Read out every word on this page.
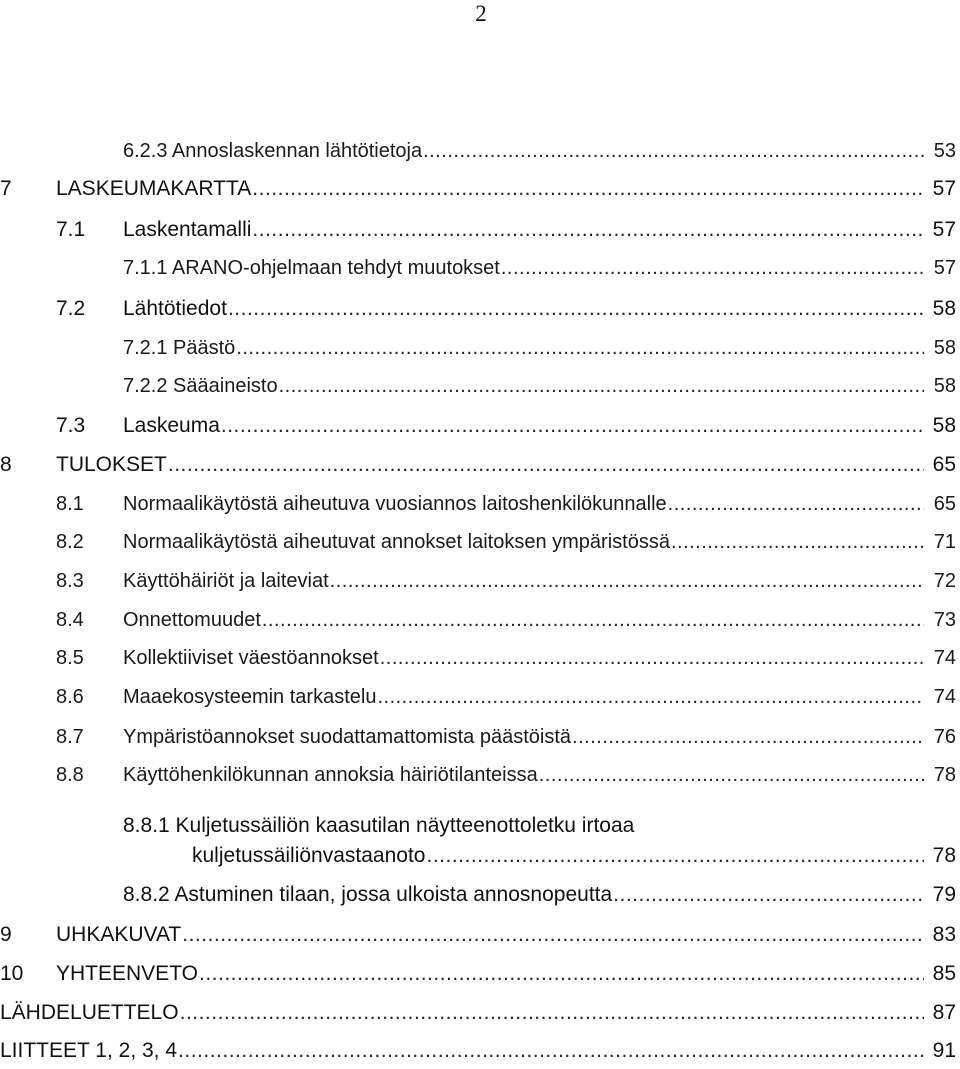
2
6.2.3 Annoslaskennan lähtötietoja .....	53
7	LASKEUMAKARTTA .....	57
7.1	Laskentamalli .....	57
7.1.1 ARANO-ohjelmaan tehdyt muutokset .....	57
7.2	Lähtötiedot .....	58
7.2.1 Päästö .....	58
7.2.2 Sääaineisto .....	58
7.3	Laskeuma .....	58
8	TULOKSET .....	65
8.1	Normaalikäytöstä aiheutuva vuosiannos laitoshenkilökunnalle .....	65
8.2	Normaalikäytöstä aiheutuvat annokset laitoksen ympäristössä .....	71
8.3	Käyttöhäiriöt ja laiteviat .....	72
8.4	Onnettomuudet .....	73
8.5	Kollektiiviset väestöannokset .....	74
8.6	Maaekosysteemin tarkastelu .....	74
8.7	Ympäristöannokset suodattamattomista päästöistä .....	76
8.8	Käyttöhenkilökunnan annoksia häiriötilanteissa .....	78
8.8.1 Kuljetussäiliön kaasutilan näytteenottoletku irtoaa
kuljetussäiliönvastaanoto .....	78
8.8.2 Astuminen tilaan, jossa ulkoista annosnopeutta .....	79
9	UHKAKUVAT .....	83
10	YHTEENVETO .....	85
LÄHDELUETTELO .....	87
LIITTEET 1, 2, 3, 4 .....	91
